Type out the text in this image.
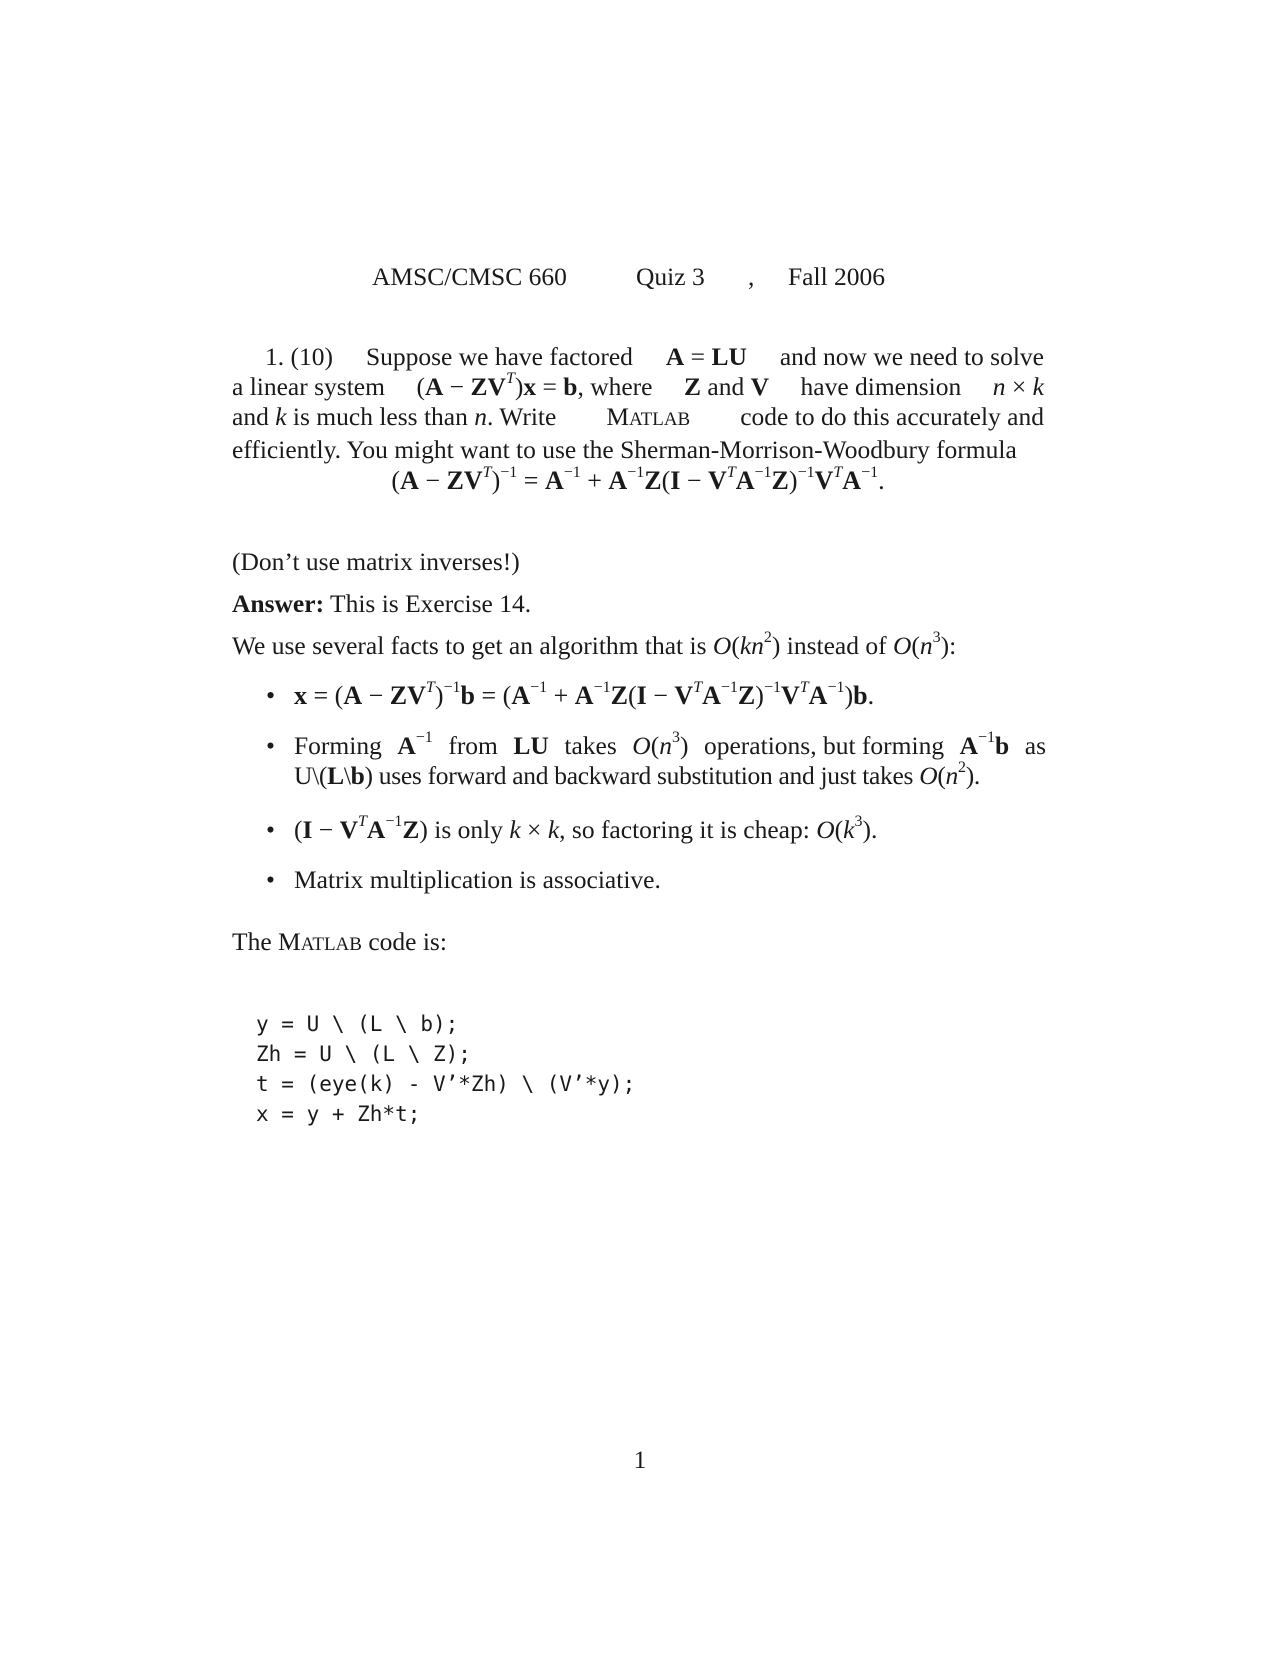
AMSC/CMSC 660	Quiz 3 , Fall 2006
1. (10) Suppose we have factored A = LU and now we need to solve
a linear system $(A - ZV^T)x = b$, where Z and V have dimension n × k
and k is much less than n. Write MATLAB code to do this accurately and
efficiently. You might want to use the Sherman-Morrison-Woodbury formula
$(A - ZV^T)^{-1} = A^{-1} + A^{-1}Z(I - V^TA^{-1}Z)^{-1}V^TA^{-1}$.
(Don’t use matrix inverses!)
Answer: This is Exercise 14.
We use several facts to get an algorithm that is $O(kn^2)$ instead of $O(n^3)$:
• $x = (A - ZV^T)^{-1}b = (A^{-1} + A^{-1}Z(I - V^TA^{-1}Z)^{-1}V^TA^{-1})b$.
• Forming $A^{-1}$ from LU takes $O(n^3)$ operations, but forming $A^{-1}b$ as
U\(L\b) uses forward and backward substitution and just takes $O(n^2)$.
• $(I - V^TA^{-1}Z)$ is only k × k, so factoring it is cheap: $O(k^3)$.
• Matrix multiplication is associative.
The MATLAB code is:
y = U \ (L \ b);
Zh = U \ (L \ Z);
t = (eye(k) - V’*Zh) \ (V’*y);
x = y + Zh*t;
1
